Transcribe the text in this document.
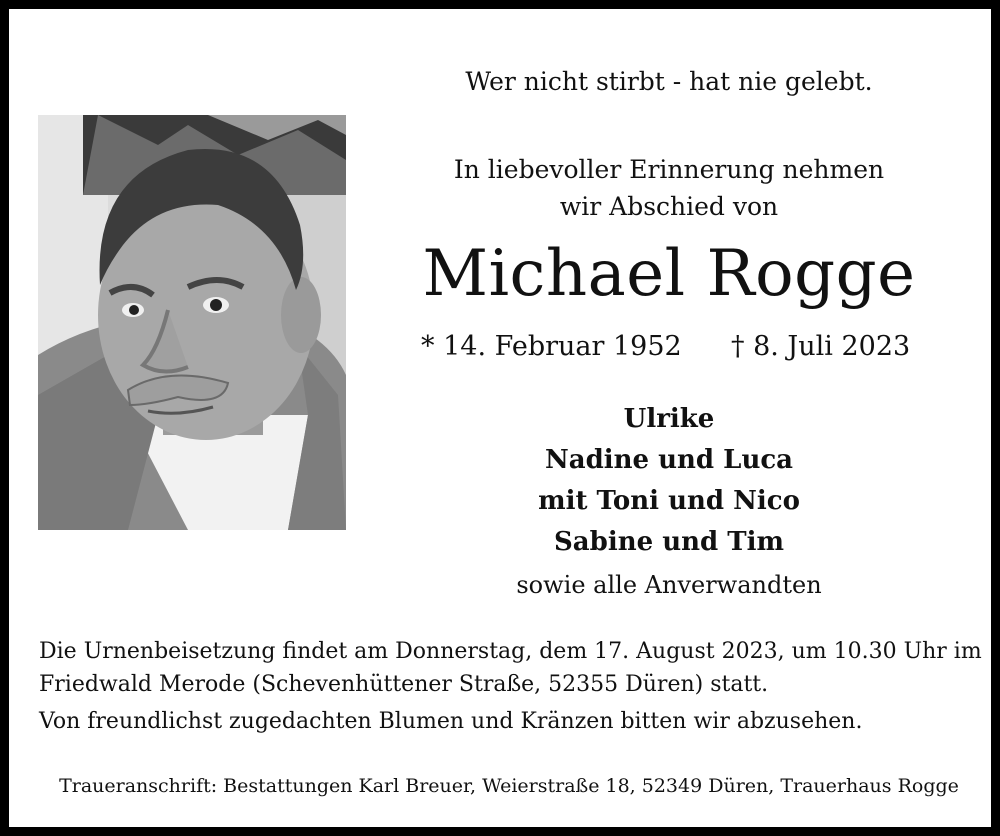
Wer nicht stirbt - hat nie gelebt.
In liebevoller Erinnerung nehmen
wir Abschied von
Michael Rogge
* 14. Februar 1952 † 8. Juli 2023
Ulrike
Nadine und Luca
mit Toni und Nico
Sabine und Tim
sowie alle Anverwandten
Die Urnenbeisetzung findet am Donnerstag, dem 17. August 2023, um 10.30 Uhr im
Friedwald Merode (Schevenhüttener Straße, 52355 Düren) statt.
Von freundlichst zugedachten Blumen und Kränzen bitten wir abzusehen.
Traueranschrift: Bestattungen Karl Breuer, Weierstraße 18, 52349 Düren, Trauerhaus Rogge
